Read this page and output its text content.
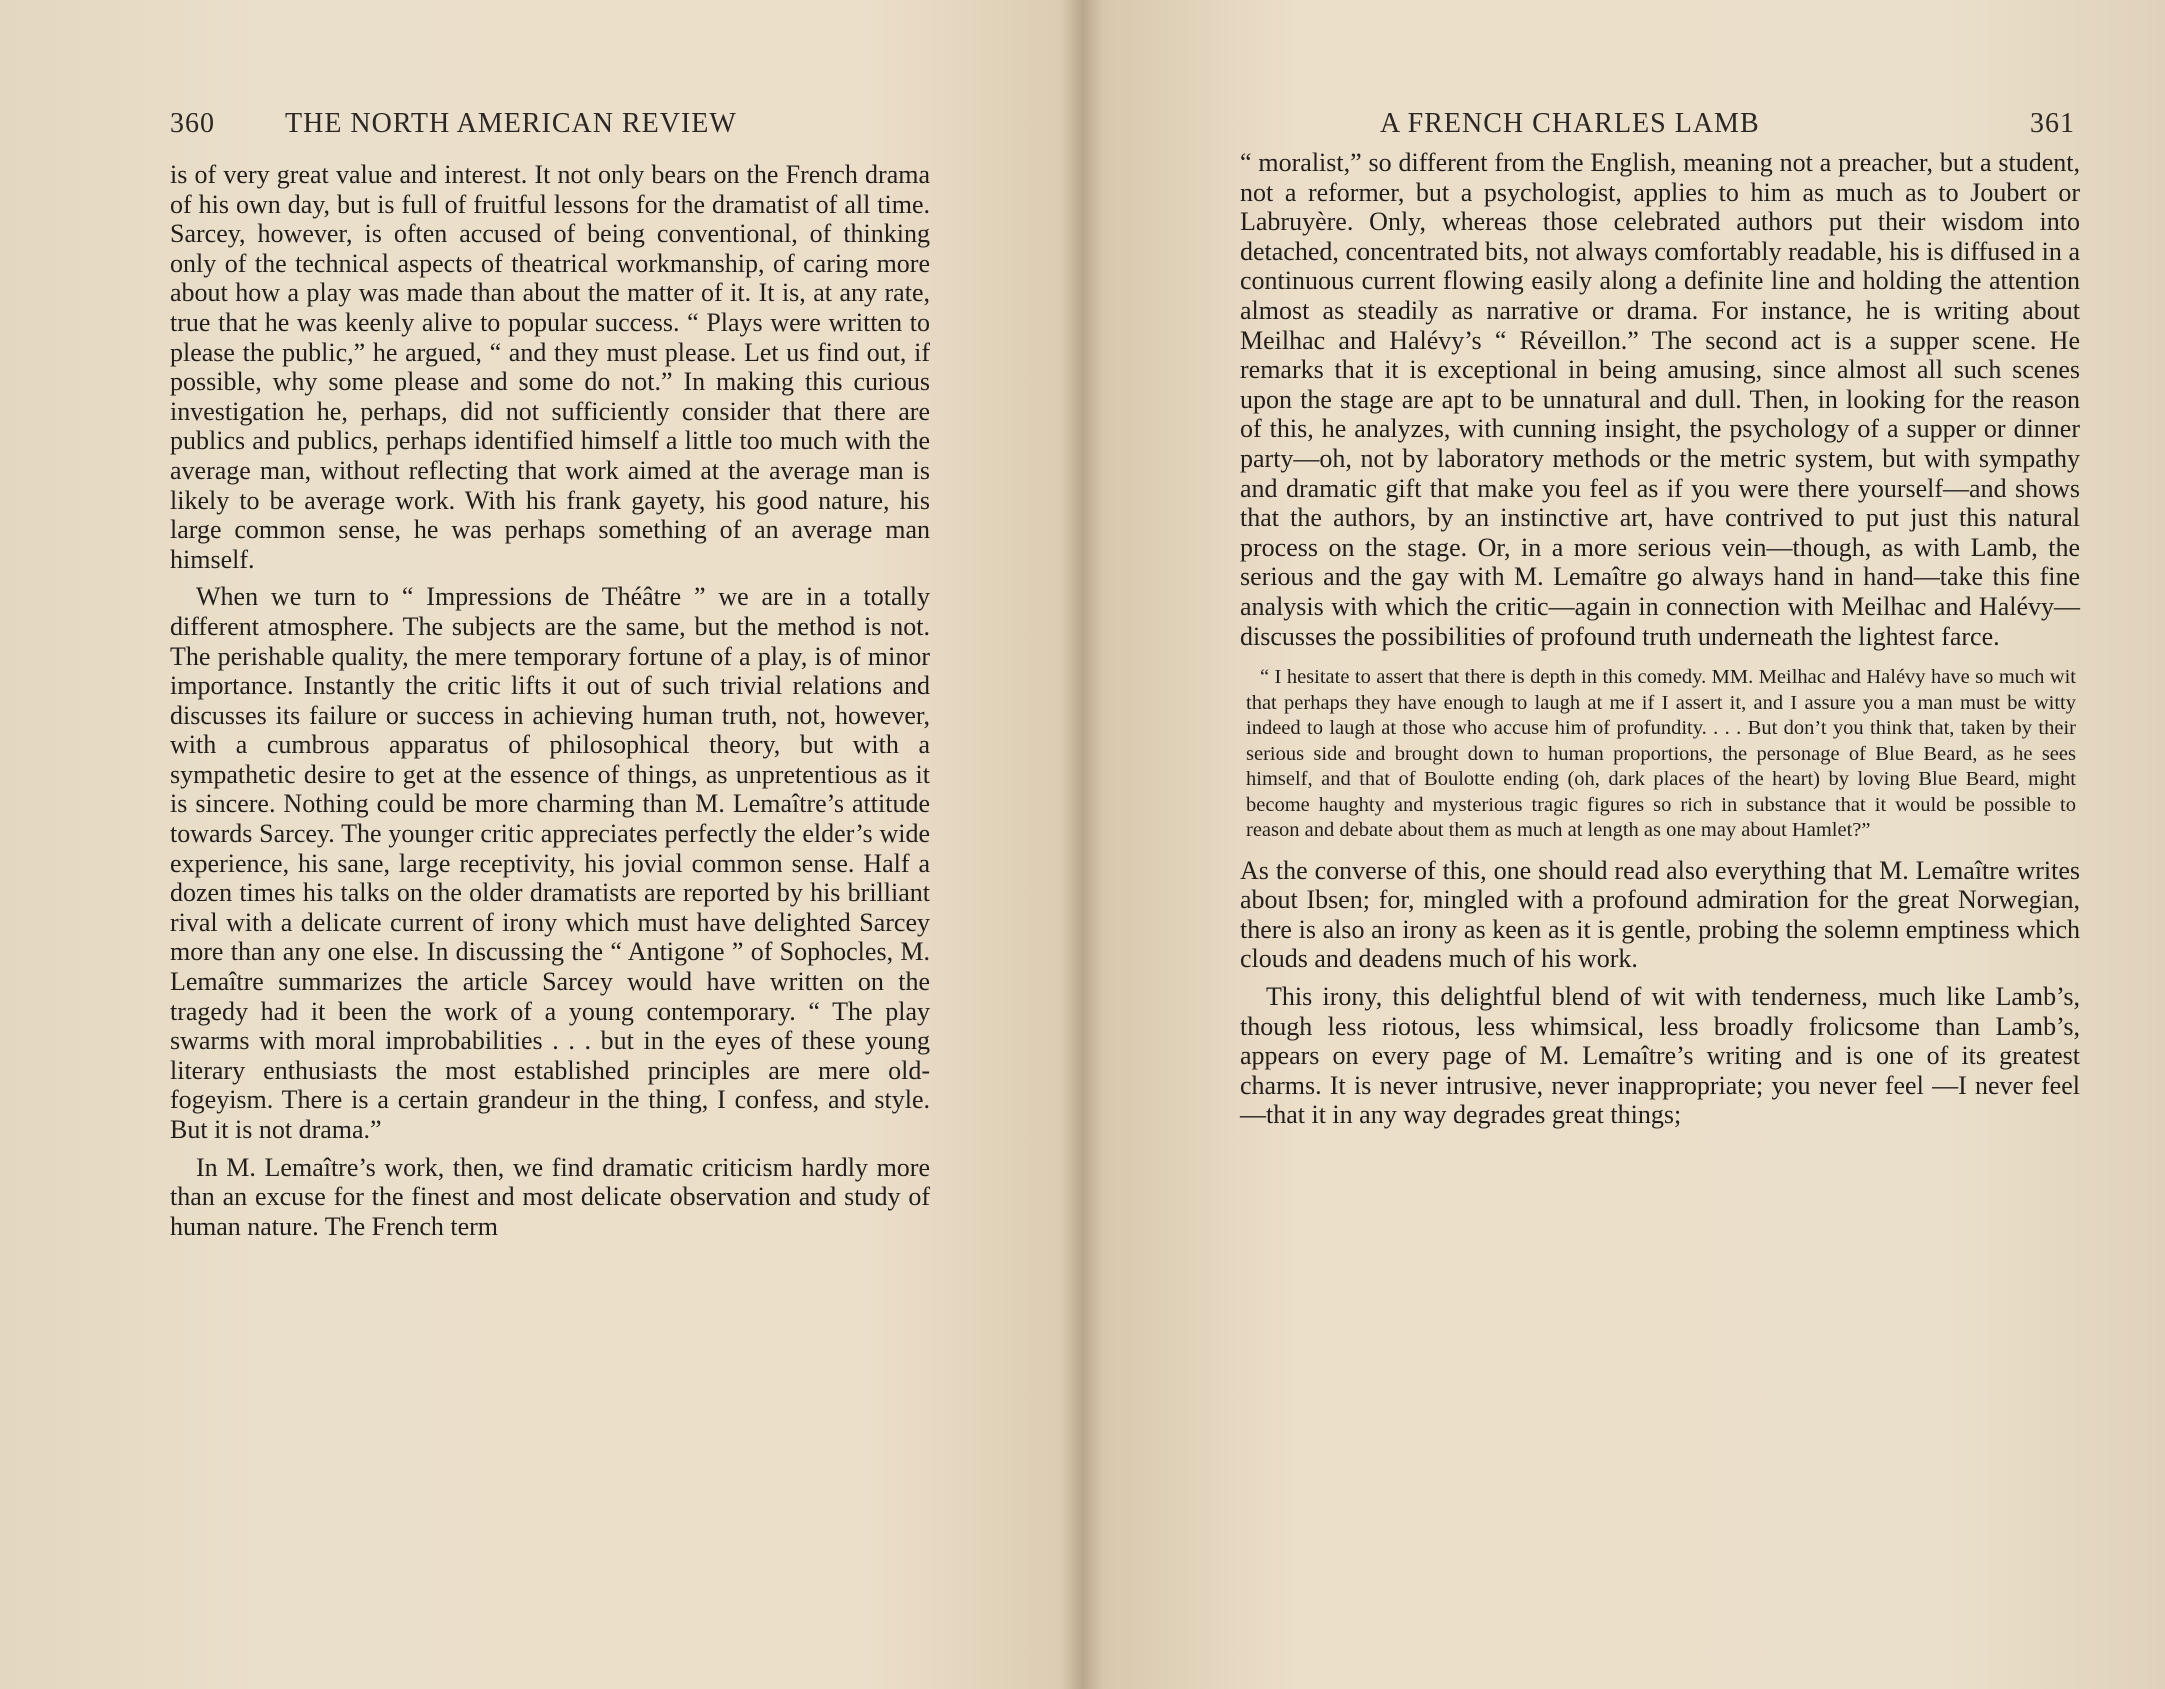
360	THE NORTH AMERICAN REVIEW

is of very great value and interest. It not only bears on the French drama of his own day, but is full of fruitful lessons for the dramatist of all time. Sarcey, however, is often accused of being conventional, of thinking only of the technical aspects of theatrical workmanship, of caring more about how a play was made than about the matter of it. It is, at any rate, true that he was keenly alive to popular success. “ Plays were written to please the public,” he argued, “ and they must please. Let us find out, if possible, why some please and some do not.” In making this curious investigation he, perhaps, did not sufficiently consider that there are publics and publics, perhaps identified himself a little too much with the average man, without reflecting that work aimed at the average man is likely to be average work. With his frank gayety, his good nature, his large common sense, he was perhaps something of an average man himself.

When we turn to “ Impressions de Théâtre ” we are in a totally different atmosphere. The subjects are the same, but the method is not. The perishable quality, the mere temporary fortune of a play, is of minor importance. Instantly the critic lifts it out of such trivial relations and discusses its failure or success in achieving human truth, not, however, with a cumbrous apparatus of philosophical theory, but with a sympathetic desire to get at the essence of things, as unpretentious as it is sincere. Nothing could be more charming than M. Lemaître’s attitude towards Sarcey. The younger critic appreciates perfectly the elder’s wide experience, his sane, large receptivity, his jovial common sense. Half a dozen times his talks on the older dramatists are reported by his brilliant rival with a delicate current of irony which must have delighted Sarcey more than any one else. In discussing the “ Antigone ” of Sophocles, M. Lemaître summarizes the article Sarcey would have written on the tragedy had it been the work of a young contemporary. “ The play swarms with moral improbabilities . . . but in the eyes of these young literary enthusiasts the most established principles are mere old-fogeyism. There is a certain grandeur in the thing, I confess, and style. But it is not drama.”

In M. Lemaître’s work, then, we find dramatic criticism hardly more than an excuse for the finest and most delicate observation and study of human nature. The French term

A FRENCH CHARLES LAMB	361

“ moralist,” so different from the English, meaning not a preacher, but a student, not a reformer, but a psychologist, applies to him as much as to Joubert or Labruyère. Only, whereas those celebrated authors put their wisdom into detached, concentrated bits, not always comfortably readable, his is diffused in a continuous current flowing easily along a definite line and holding the attention almost as steadily as narrative or drama. For instance, he is writing about Meilhac and Halévy’s “ Réveillon.” The second act is a supper scene. He remarks that it is exceptional in being amusing, since almost all such scenes upon the stage are apt to be unnatural and dull. Then, in looking for the reason of this, he analyzes, with cunning insight, the psychology of a supper or dinner party—oh, not by laboratory methods or the metric system, but with sympathy and dramatic gift that make you feel as if you were there yourself—and shows that the authors, by an instinctive art, have contrived to put just this natural process on the stage. Or, in a more serious vein—though, as with Lamb, the serious and the gay with M. Lemaître go always hand in hand—take this fine analysis with which the critic—again in connection with Meilhac and Halévy—discusses the possibilities of profound truth underneath the lightest farce.

“ I hesitate to assert that there is depth in this comedy. MM. Meilhac and Halévy have so much wit that perhaps they have enough to laugh at me if I assert it, and I assure you a man must be witty indeed to laugh at those who accuse him of profundity. . . . But don’t you think that, taken by their serious side and brought down to human proportions, the personage of Blue Beard, as he sees himself, and that of Boulotte ending (oh, dark places of the heart) by loving Blue Beard, might become haughty and mysterious tragic figures so rich in substance that it would be possible to reason and debate about them as much at length as one may about Hamlet?”

As the converse of this, one should read also everything that M. Lemaître writes about Ibsen; for, mingled with a profound admiration for the great Norwegian, there is also an irony as keen as it is gentle, probing the solemn emptiness which clouds and deadens much of his work.

This irony, this delightful blend of wit with tenderness, much like Lamb’s, though less riotous, less whimsical, less broadly frolicsome than Lamb’s, appears on every page of M. Lemaître’s writing and is one of its greatest charms. It is never intrusive, never inappropriate; you never feel —I never feel—that it in any way degrades great things;
